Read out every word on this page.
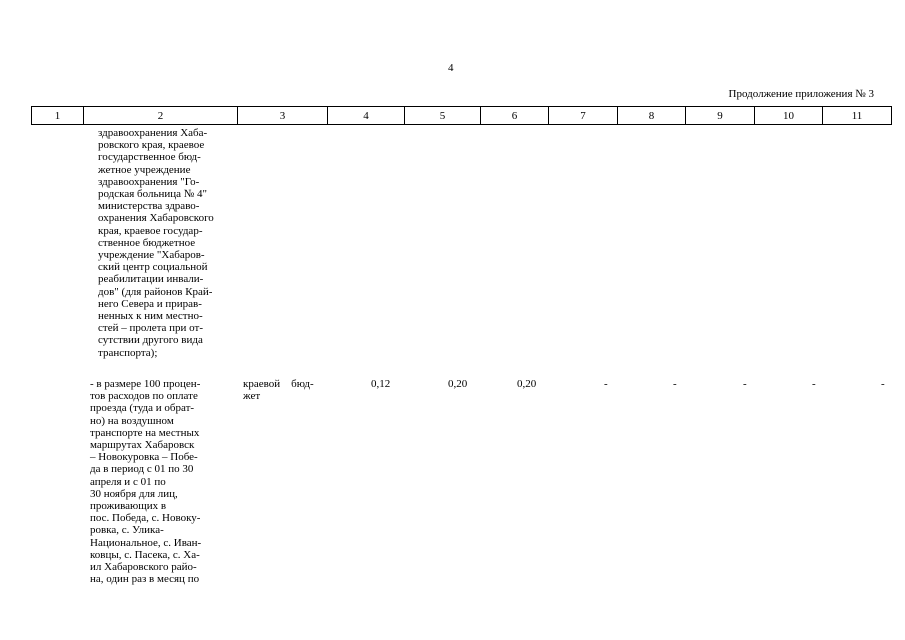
4
Продолжение приложения № 3
1	2	3	4	5	6	7	8	9	10	11
здравоохранения Хаба-
ровского края, краевое
государственное бюд-
жетное учреждение
здравоохранения "Го-
родская больница № 4"
министерства здраво-
охранения Хабаровского
края, краевое государ-
ственное бюджетное
учреждение "Хабаров-
ский центр социальной
реабилитации инвали-
дов" (для районов Край-
него Севера и прирав-
ненных к ним местно-
стей – пролета при от-
сутствии другого вида
транспорта);
- в размере 100 процен-
тов расходов по оплате
проезда (туда и обрат-
но) на воздушном
транспорте на местных
маршрутах Хабаровск
– Новокуровка – Побе-
да в период с 01 по 30
апреля и с 01 по
30 ноября для лиц,
проживающих в
пос. Победа, с. Новоку-
ровка, с. Улика-
Национальное, с. Иван-
ковцы, с. Пасека, с. Ха-
ил Хабаровского райо-
на, один раз в месяц по
краевой    бюд-
жет
0,12	0,20	0,20	-	-	-	-	-
